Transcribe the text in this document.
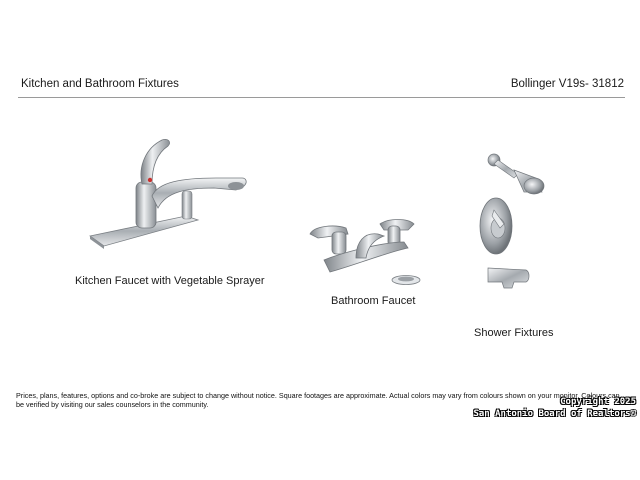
Kitchen and Bathroom Fixtures	Bollinger V19s- 31812
Kitchen Faucet with Vegetable Sprayer
Bathroom Faucet
Shower Fixtures
Prices, plans, features, options and co-broke are subject to change without notice. Square footages are approximate. Actual colors may vary from colours shown on your monitor. Colours can be verified by visiting our sales counselors in the community.	Copyright 2025
San Antonio Board of Realtors®
